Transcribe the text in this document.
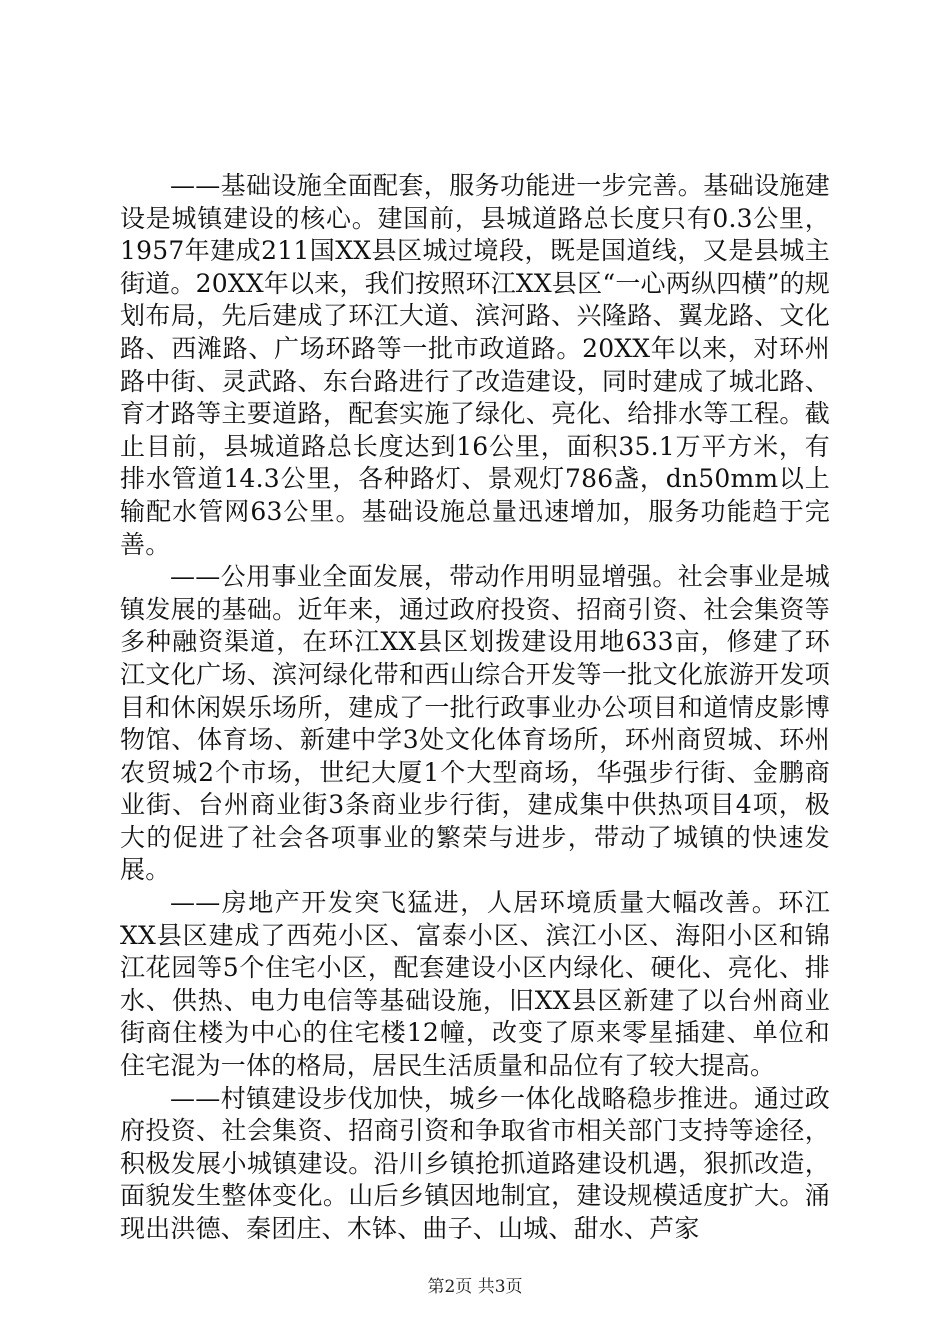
——基础设施全面配套，服务功能进一步完善。基础设施建设是城镇建设的核心。建国前，县城道路总长度只有0.3公里，1957年建成211国XX县区城过境段，既是国道线，又是县城主街道。20XX年以来，我们按照环江XX县区“一心两纵四横”的规划布局，先后建成了环江大道、滨河路、兴隆路、翼龙路、文化路、西滩路、广场环路等一批市政道路。20XX年以来，对环州路中街、灵武路、东台路进行了改造建设，同时建成了城北路、育才路等主要道路，配套实施了绿化、亮化、给排水等工程。截止目前，县城道路总长度达到16公里，面积35.1万平方米，有排水管道14.3公里，各种路灯、景观灯786盏，dn50mm以上输配水管网63公里。基础设施总量迅速增加，服务功能趋于完善。

——公用事业全面发展，带动作用明显增强。社会事业是城镇发展的基础。近年来，通过政府投资、招商引资、社会集资等多种融资渠道，在环江XX县区划拨建设用地633亩，修建了环江文化广场、滨河绿化带和西山综合开发等一批文化旅游开发项目和休闲娱乐场所，建成了一批行政事业办公项目和道情皮影博物馆、体育场、新建中学3处文化体育场所，环州商贸城、环州农贸城2个市场，世纪大厦1个大型商场，华强步行街、金鹏商业街、台州商业街3条商业步行街，建成集中供热项目4项，极大的促进了社会各项事业的繁荣与进步，带动了城镇的快速发展。

——房地产开发突飞猛进，人居环境质量大幅改善。环江XX县区建成了西苑小区、富泰小区、滨江小区、海阳小区和锦江花园等5个住宅小区，配套建设小区内绿化、硬化、亮化、排水、供热、电力电信等基础设施，旧XX县区新建了以台州商业街商住楼为中心的住宅楼12幢，改变了原来零星插建、单位和住宅混为一体的格局，居民生活质量和品位有了较大提高。

——村镇建设步伐加快，城乡一体化战略稳步推进。通过政府投资、社会集资、招商引资和争取省市相关部门支持等途径，积极发展小城镇建设。沿川乡镇抢抓道路建设机遇，狠抓改造，面貌发生整体变化。山后乡镇因地制宜，建设规模适度扩大。涌现出洪德、秦团庄、木钵、曲子、山城、甜水、芦家

第2页 共3页
